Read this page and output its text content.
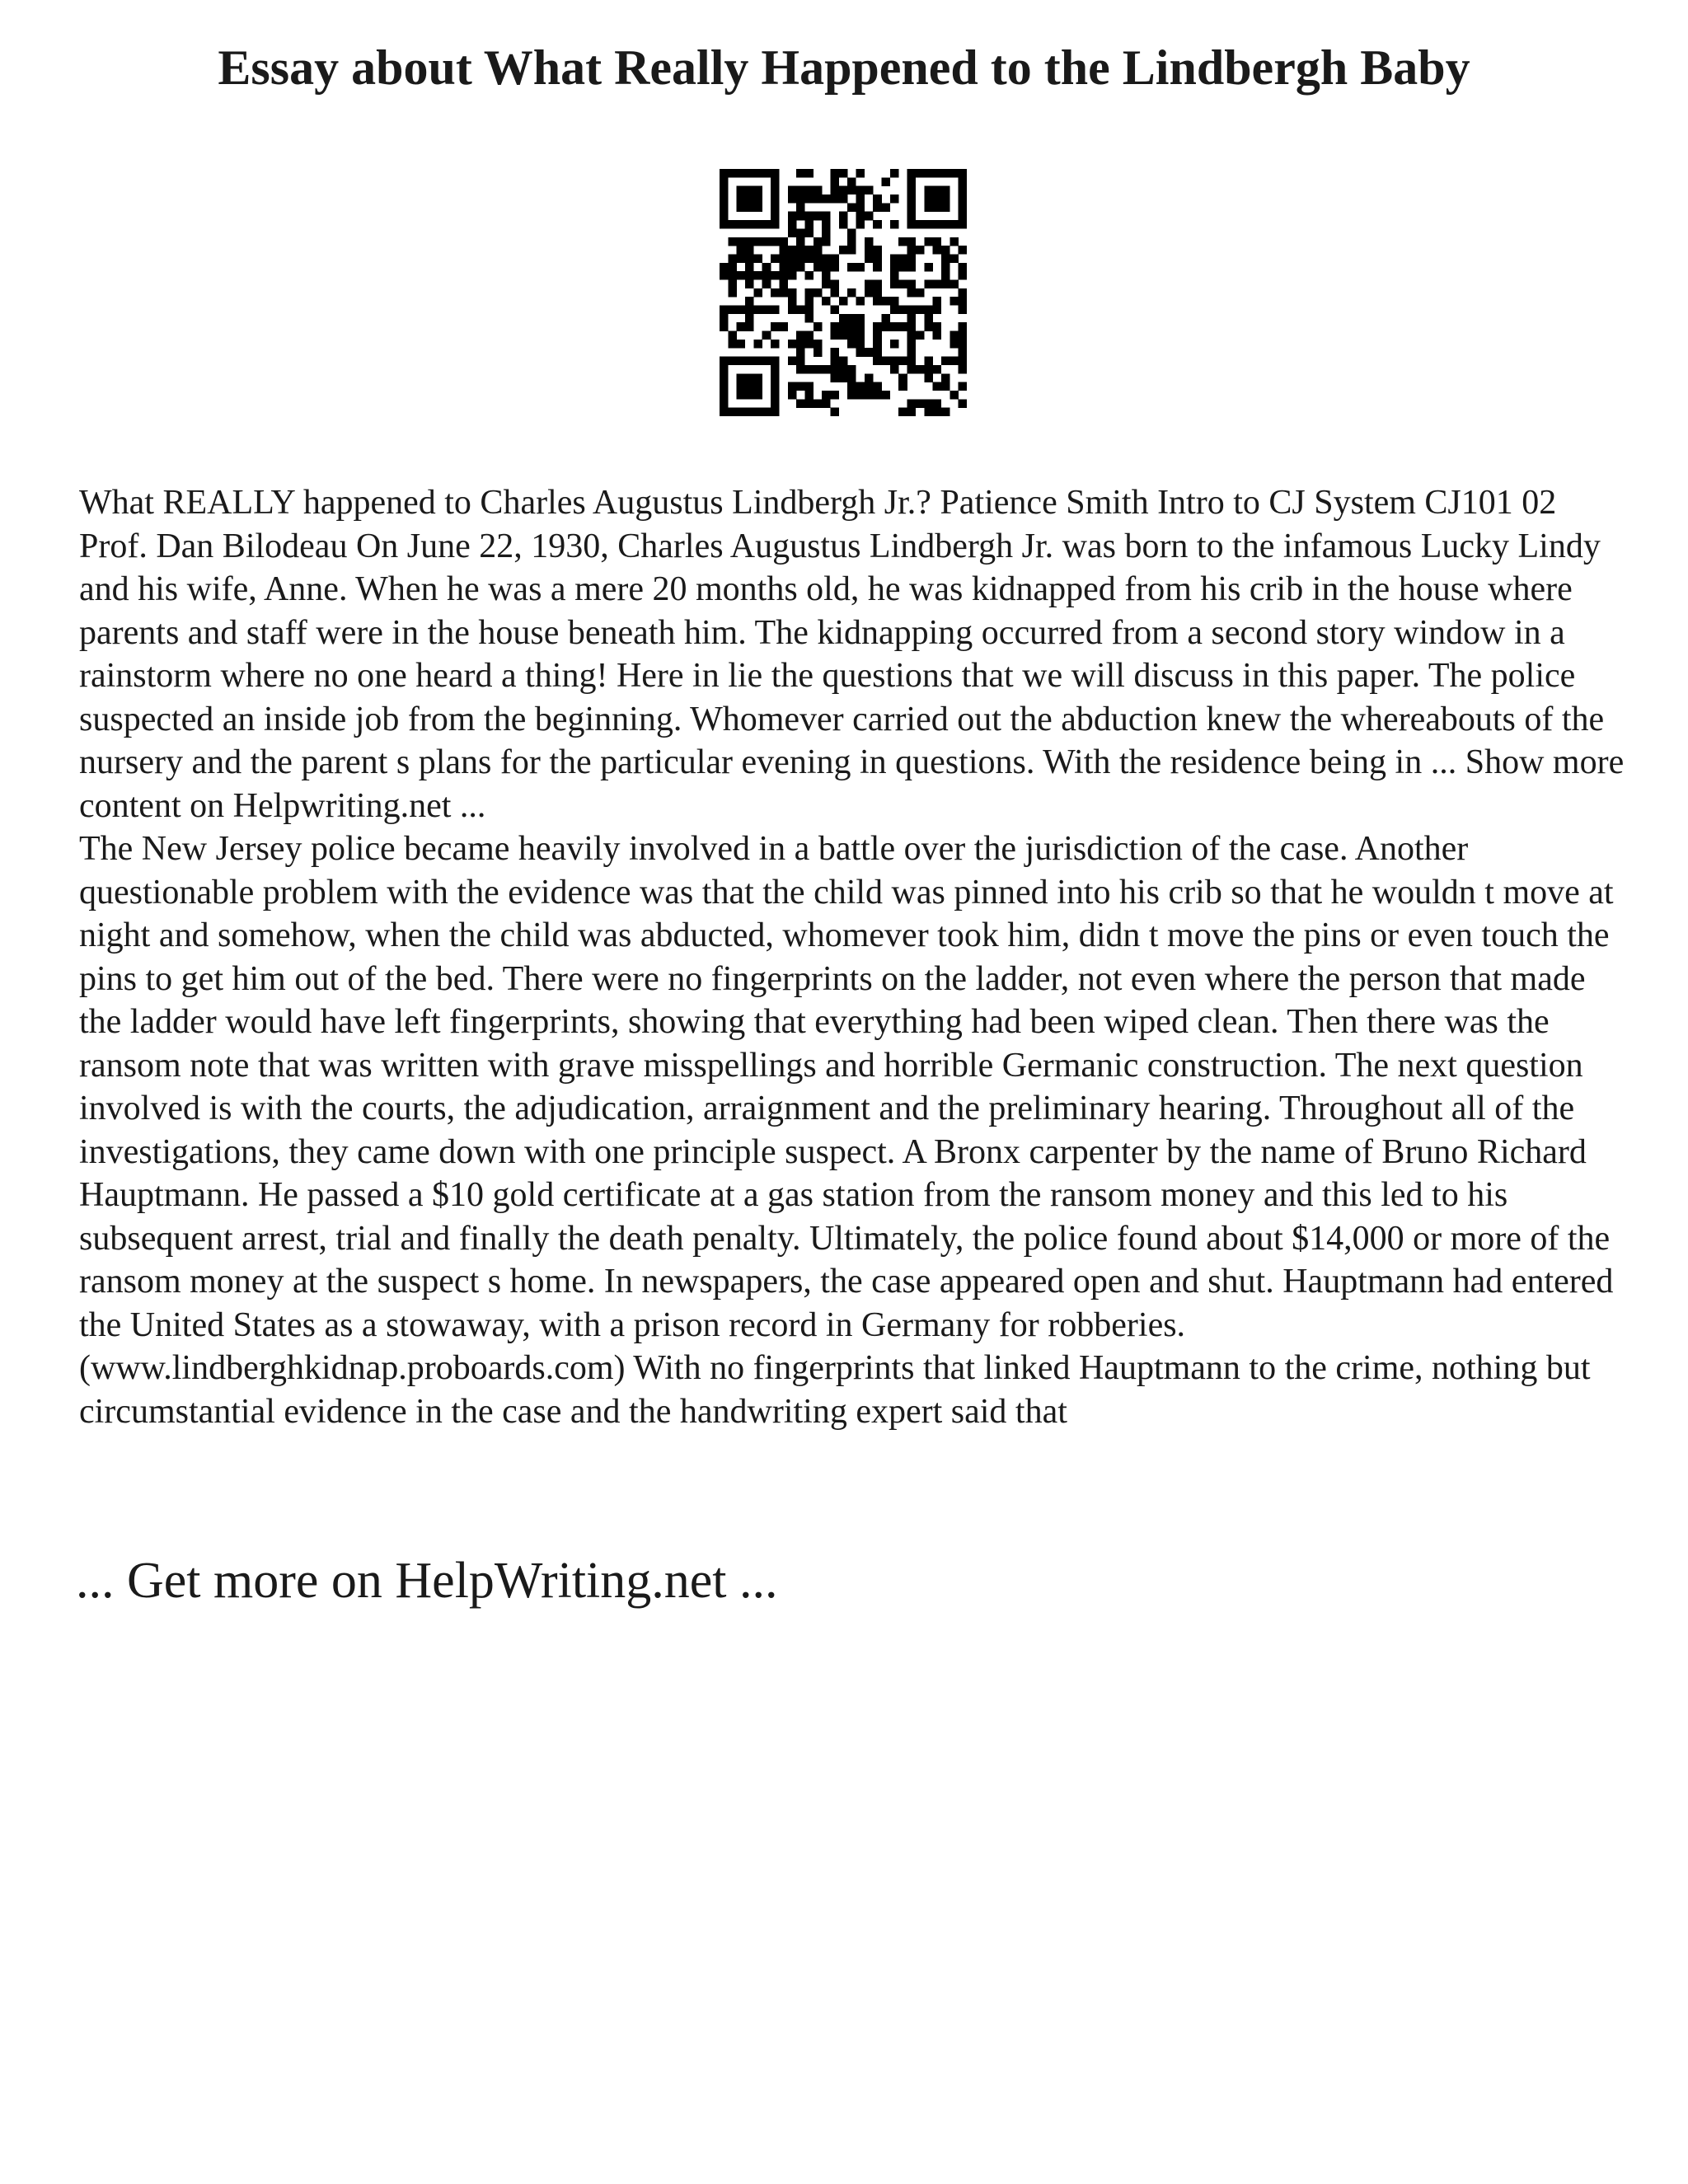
Essay about What Really Happened to the Lindbergh Baby

What REALLY happened to Charles Augustus Lindbergh Jr.? Patience Smith Intro to CJ System CJ101 02 Prof. Dan Bilodeau On June 22, 1930, Charles Augustus Lindbergh Jr. was born to the infamous Lucky Lindy and his wife, Anne. When he was a mere 20 months old, he was kidnapped from his crib in the house where parents and staff were in the house beneath him. The kidnapping occurred from a second story window in a rainstorm where no one heard a thing! Here in lie the questions that we will discuss in this paper. The police suspected an inside job from the beginning. Whomever carried out the abduction knew the whereabouts of the nursery and the parent s plans for the particular evening in questions. With the residence being in ... Show more content on Helpwriting.net ...

The New Jersey police became heavily involved in a battle over the jurisdiction of the case. Another questionable problem with the evidence was that the child was pinned into his crib so that he wouldn t move at night and somehow, when the child was abducted, whomever took him, didn t move the pins or even touch the pins to get him out of the bed. There were no fingerprints on the ladder, not even where the person that made the ladder would have left fingerprints, showing that everything had been wiped clean. Then there was the ransom note that was written with grave misspellings and horrible Germanic construction. The next question involved is with the courts, the adjudication, arraignment and the preliminary hearing. Throughout all of the investigations, they came down with one principle suspect. A Bronx carpenter by the name of Bruno Richard Hauptmann. He passed a $10 gold certificate at a gas station from the ransom money and this led to his subsequent arrest, trial and finally the death penalty. Ultimately, the police found about $14,000 or more of the ransom money at the suspect s home. In newspapers, the case appeared open and shut. Hauptmann had entered the United States as a stowaway, with a prison record in Germany for robberies. (www.lindberghkidnap.proboards.com) With no fingerprints that linked Hauptmann to the crime, nothing but circumstantial evidence in the case and the handwriting expert said that

... Get more on HelpWriting.net ...
